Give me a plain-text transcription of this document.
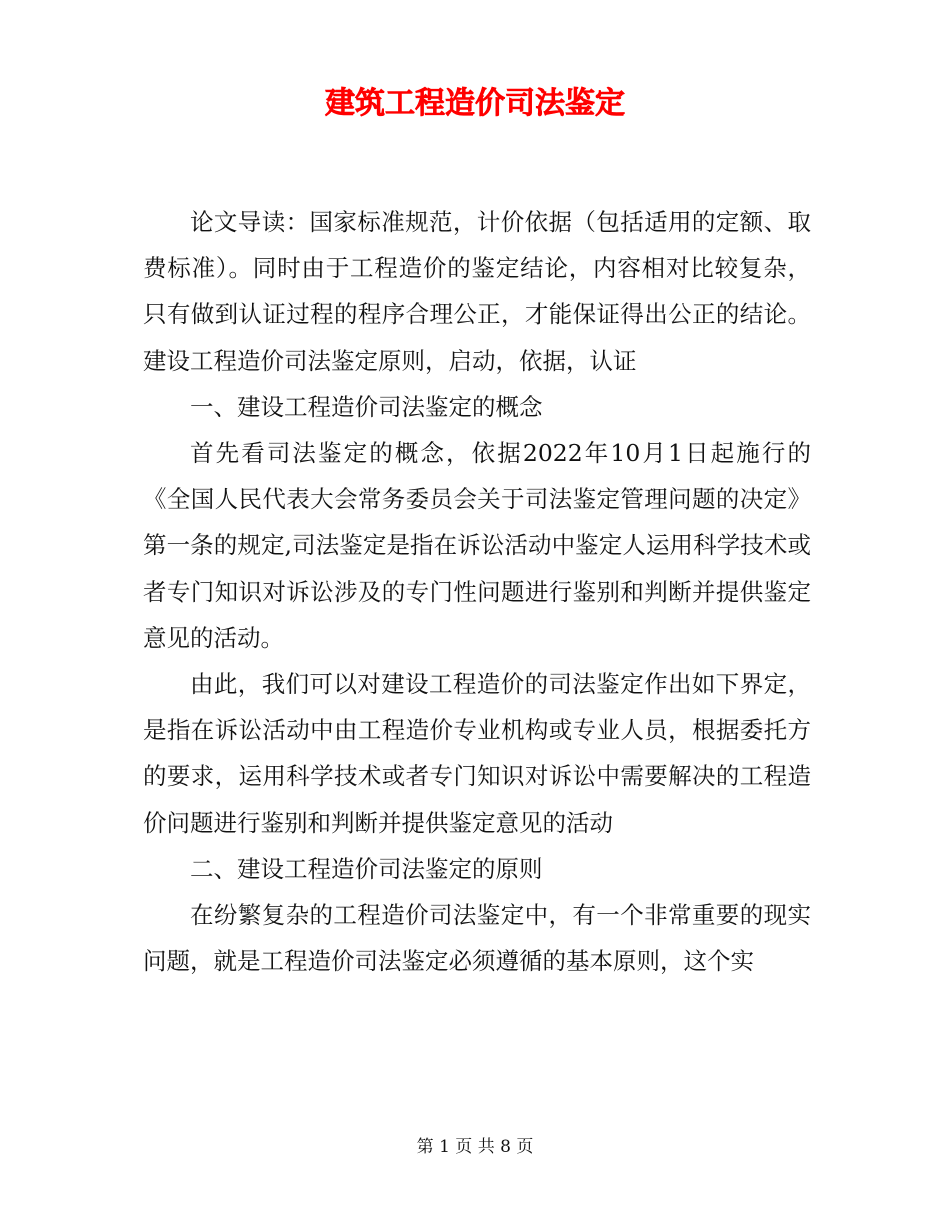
建筑工程造价司法鉴定

论文导读：国家标准规范，计价依据（包括适用的定额、取费标准）。同时由于工程造价的鉴定结论，内容相对比较复杂，只有做到认证过程的程序合理公正，才能保证得出公正的结论。建设工程造价司法鉴定原则，启动，依据，认证

一、建设工程造价司法鉴定的概念

首先看司法鉴定的概念，依据2022年10月1日起施行的《全国人民代表大会常务委员会关于司法鉴定管理问题的决定》第一条的规定,司法鉴定是指在诉讼活动中鉴定人运用科学技术或者专门知识对诉讼涉及的专门性问题进行鉴别和判断并提供鉴定意见的活动。

由此，我们可以对建设工程造价的司法鉴定作出如下界定，是指在诉讼活动中由工程造价专业机构或专业人员，根据委托方的要求，运用科学技术或者专门知识对诉讼中需要解决的工程造价问题进行鉴别和判断并提供鉴定意见的活动

二、建设工程造价司法鉴定的原则

在纷繁复杂的工程造价司法鉴定中，有一个非常重要的现实问题，就是工程造价司法鉴定必须遵循的基本原则，这个实

第 1 页 共 8 页
